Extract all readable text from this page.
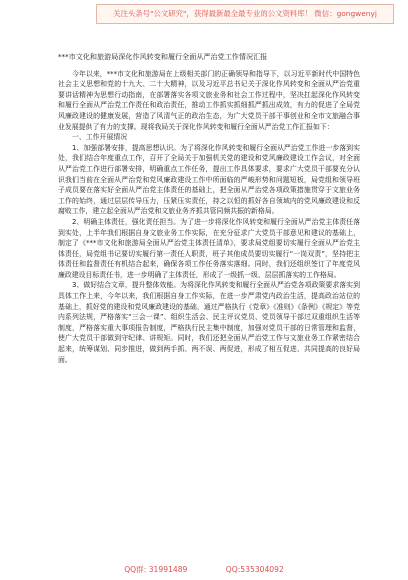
关注头条号"公文研究"，获得最新最全最专业的公文资料库！ 微信：gongwenyj

***市文化和旅游局深化作风转变和履行全面从严治党工作情况汇报

今年以来，***市文化和旅游局在上级相关部门的正确领导和指导下，以习近平新时代中国特色社会主义思想和党的十九大、二十大精神，以及习近平总书记关于深化作风转变和全面从严治党重要讲话精神为思想行动指南，在部署落实各项文旅业务和社会工作过程中，坚决扛起深化作风转变和履行全面从严治党工作责任和政治责任，推动工作抓实抓细抓严抓出成效，有力的促进了全局党风廉政建设的健康发展，营造了风清气正的政治生态，为广大党员干部干事创业和全市文旅融合事业发展提供了有力的支撑。现将我局关于深化作风转变和履行全面从严治党工作汇报如下：

一、工作开展情况

1、加强部署安排，提高思想认识。为了将深化作风转变和履行全面从严治党工作进一步落到实处，我们结合年度重点工作，召开了全局关于加强机关党的建设和党风廉政建设工作会议，对全面从严治党工作进行部署安排，明确重点工作任务，提出工作具体要求，要求广大党员干部要充分认识我们当前在全面从严治党和党风廉政建设工作中所面临的严峻形势和问题短板，局党组和领导班子成员要在落实好全面从严治党主体责任的基础上，把全面从严治党各项政策措施贯穿于文旅业务工作的始终，通过层层传导压力，压紧压实责任，持之以恒的抓好各自领域内的党风廉政建设和反腐败工作，建立起全面从严治党和文旅业务齐抓共管同频共振的新格局。

2、明确主体责任，强化责任担当。为了进一步将深化作风转变和履行全面从严治党主体责任落到实处，上半年我们根据自身文旅业务工作实际，在充分征求广大党员干部意见和建议的基础上，制定了《***市文化和旅游局全面从严治党主体责任清单》，要求局党组要切实履行全面从严治党主体责任，局党组书记要切实履行第一责任人职责，班子其他成员要切实履行“一岗双责”，坚持把主体责任和监督责任有机结合起来，确保各项工作任务落实落细。同时，我们还组织签订了年度党风廉政建设目标责任书，进一步明确了主体责任，形成了一级抓一级、层层抓落实的工作格局。

3、做好结合文章，提升整体效能。为将深化作风转变和履行全面从严治党各项政策要求落实到具体工作上来，今年以来，我们根据自身工作实际，在进一步严肃党内政治生活，提高政治站位的基础上，抓好党的建设和党风廉政建设的基础，通过严格执行《党章》《准则》《条例》《规定》等党内系列法规，严格落实“三会一课”、组织生活会、民主评议党员、党员领导干部过双重组织生活等制度，严格落实重大事项报告制度，严格执行民主集中制度，加强对党员干部的日常管理和监督，使广大党员干部做到守纪律、讲规矩。同时，我们还把全面从严治党工作与文旅业务工作紧密结合起来，统筹谋划、同步推进，做到两手抓、两不误、两促进，形成了相互促进、共同提高的良好局面。

QQ群: 31991489	QQ:535304092
